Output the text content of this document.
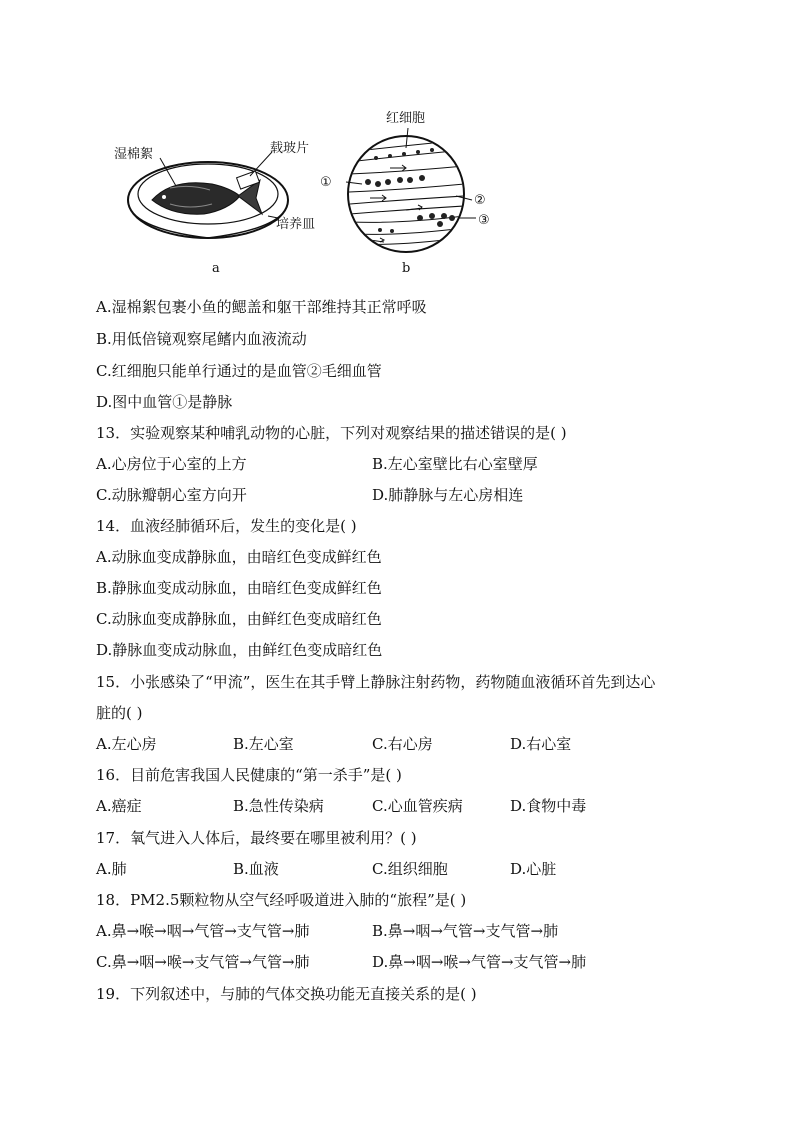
湿棉絮	载玻片
培养皿
a
红细胞
①
②
③
b
A.湿棉絮包裹小鱼的鳃盖和躯干部维持其正常呼吸
B.用低倍镜观察尾鳍内血液流动
C.红细胞只能单行通过的是血管②毛细血管
D.图中血管①是静脉
13．实验观察某种哺乳动物的心脏，下列对观察结果的描述错误的是( )
A.心房位于心室的上方	B.左心室壁比右心室壁厚
C.动脉瓣朝心室方向开	D.肺静脉与左心房相连
14．血液经肺循环后，发生的变化是( )
A.动脉血变成静脉血，由暗红色变成鲜红色
B.静脉血变成动脉血，由暗红色变成鲜红色
C.动脉血变成静脉血，由鲜红色变成暗红色
D.静脉血变成动脉血，由鲜红色变成暗红色
15．小张感染了“甲流”，医生在其手臂上静脉注射药物，药物随血液循环首先到达心
脏的( )
A.左心房	B.左心室	C.右心房	D.右心室
16．目前危害我国人民健康的“第一杀手”是( )
A.癌症	B.急性传染病	C.心血管疾病	D.食物中毒
17．氧气进入人体后，最终要在哪里被利用？( )
A.肺	B.血液	C.组织细胞	D.心脏
18．PM2.5颗粒物从空气经呼吸道进入肺的“旅程”是( )
A.鼻→喉→咽→气管→支气管→肺	B.鼻→咽→气管→支气管→肺
C.鼻→咽→喉→支气管→气管→肺	D.鼻→咽→喉→气管→支气管→肺
19．下列叙述中，与肺的气体交换功能无直接关系的是( )
